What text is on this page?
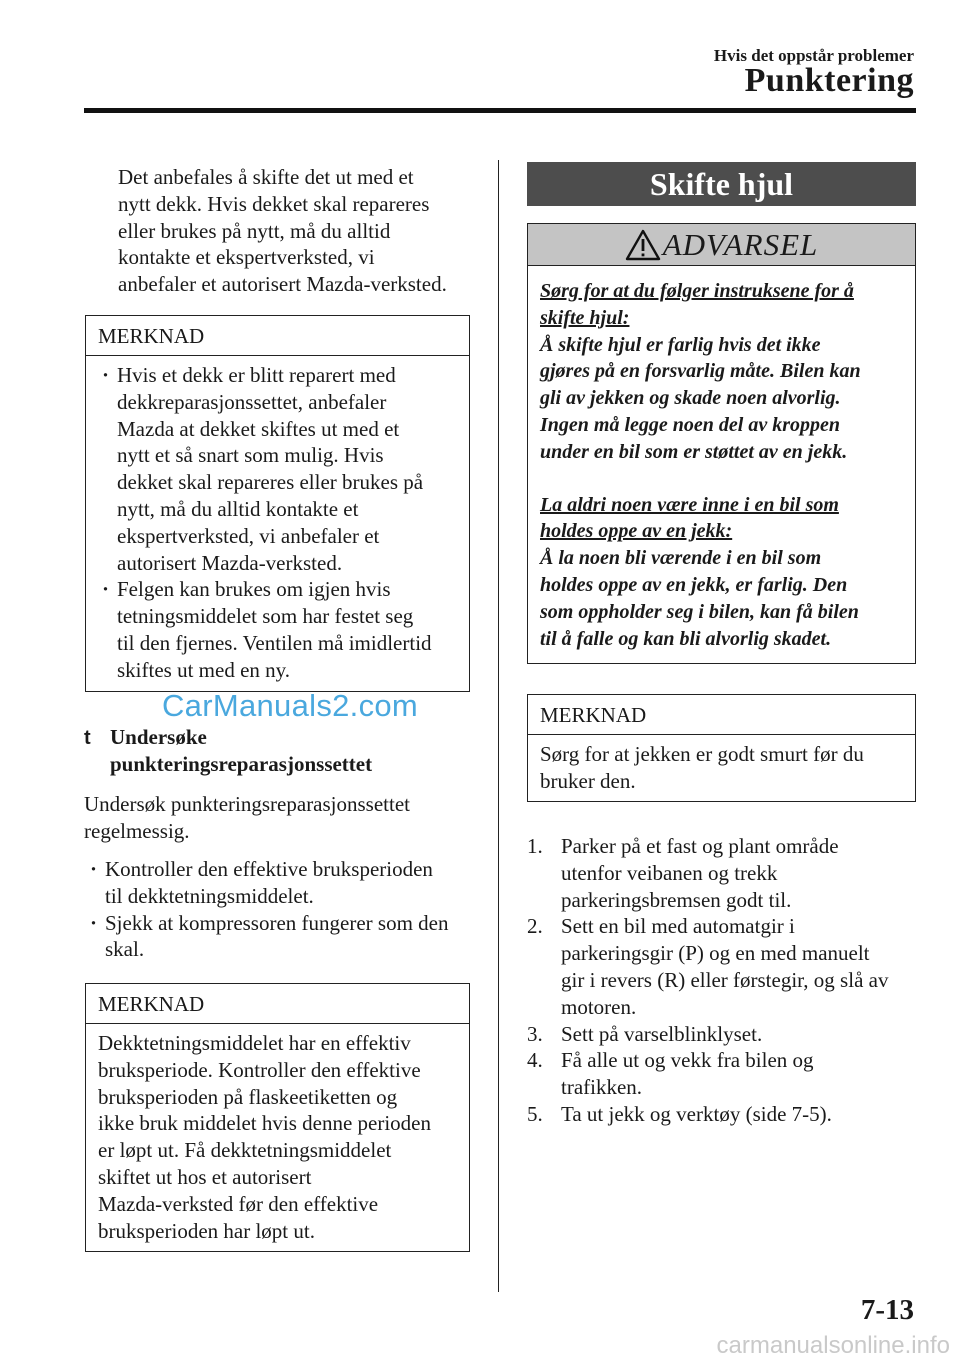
Hvis det oppstår problemer
Punktering
Det anbefales å skifte det ut med et
nytt dekk. Hvis dekket skal repareres
eller brukes på nytt, må du alltid
kontakte et ekspertverksted, vi
anbefaler et autorisert Mazda-verksted.
MERKNAD
· Hvis et dekk er blitt reparert med
dekkreparasjonssettet, anbefaler
Mazda at dekket skiftes ut med et
nytt et så snart som mulig. Hvis
dekket skal repareres eller brukes på
nytt, må du alltid kontakte et
ekspertverksted, vi anbefaler et
autorisert Mazda-verksted.
· Felgen kan brukes om igjen hvis
tetningsmiddelet som har festet seg
til den fjernes. Ventilen må imidlertid
skiftes ut med en ny.
CarManuals2.com
t Undersøke
punkteringsreparasjonssettet
Undersøk punkteringsreparasjonssettet
regelmessig.
· Kontroller den effektive bruksperioden
til dekktetningsmiddelet.
· Sjekk at kompressoren fungerer som den
skal.
MERKNAD
Dekktetningsmiddelet har en effektiv
bruksperiode. Kontroller den effektive
bruksperioden på flaskeetiketten og
ikke bruk middelet hvis denne perioden
er løpt ut. Få dekktetningsmiddelet
skiftet ut hos et autorisert
Mazda-verksted før den effektive
bruksperioden har løpt ut.
Skifte hjul
ADVARSEL
Sørg for at du følger instruksene for å
skifte hjul:
Å skifte hjul er farlig hvis det ikke
gjøres på en forsvarlig måte. Bilen kan
gli av jekken og skade noen alvorlig.
Ingen må legge noen del av kroppen
under en bil som er støttet av en jekk.
La aldri noen være inne i en bil som
holdes oppe av en jekk:
Å la noen bli værende i en bil som
holdes oppe av en jekk, er farlig. Den
som oppholder seg i bilen, kan få bilen
til å falle og kan bli alvorlig skadet.
MERKNAD
Sørg for at jekken er godt smurt før du
bruker den.
1. Parker på et fast og plant område
utenfor veibanen og trekk
parkeringsbremsen godt til.
2. Sett en bil med automatgir i
parkeringsgir (P) og en med manuelt
gir i revers (R) eller førstegir, og slå av
motoren.
3. Sett på varselblinklyset.
4. Få alle ut og vekk fra bilen og
trafikken.
5. Ta ut jekk og verktøy (side 7-5).
7-13
carmanualsonline.info
